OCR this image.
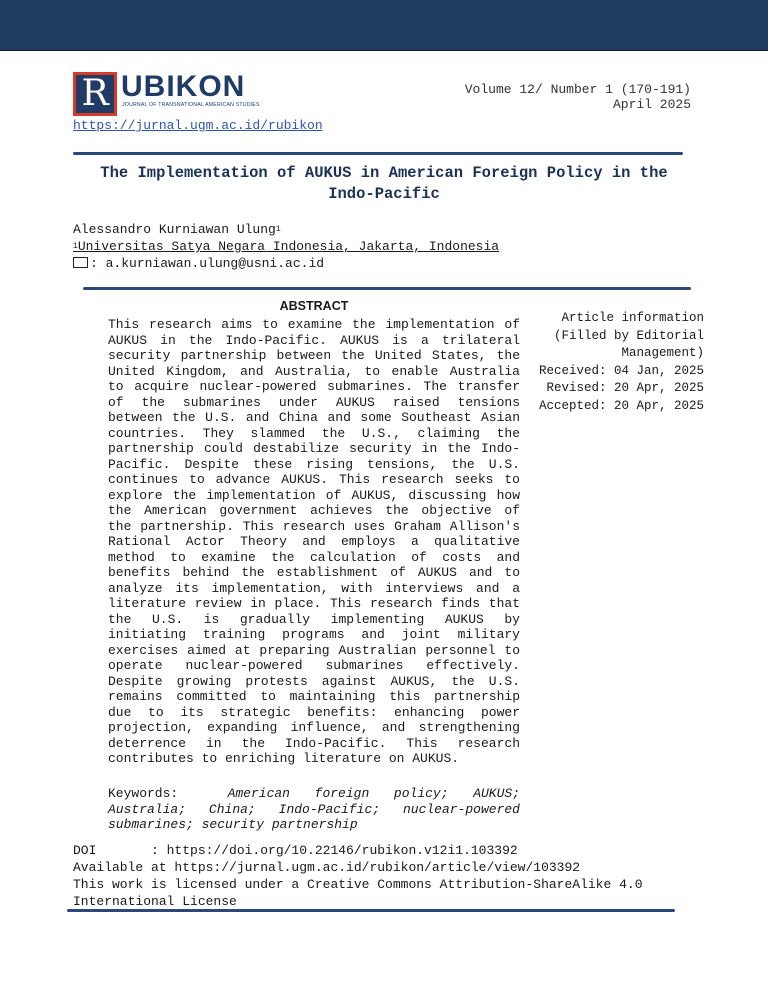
R UBIKON
JOURNAL OF TRANSNATIONAL AMERICAN STUDIES
Volume 12/ Number 1 (170-191)
April 2025
https://jurnal.ugm.ac.id/rubikon
The Implementation of AUKUS in American Foreign Policy in the Indo-Pacific
Alessandro Kurniawan Ulung$^1$
$^1$Universitas Satya Negara Indonesia, Jakarta, Indonesia
: a.kurniawan.ulung@usni.ac.id
ABSTRACT
This research aims to examine the implementation of AUKUS in the Indo-Pacific. AUKUS is a trilateral security partnership between the United States, the United Kingdom, and Australia, to enable Australia to acquire nuclear-powered submarines. The transfer of the submarines under AUKUS raised tensions between the U.S. and China and some Southeast Asian countries. They slammed the U.S., claiming the partnership could destabilize security in the Indo-Pacific. Despite these rising tensions, the U.S. continues to advance AUKUS. This research seeks to explore the implementation of AUKUS, discussing how the American government achieves the objective of the partnership. This research uses Graham Allison's Rational Actor Theory and employs a qualitative method to examine the calculation of costs and benefits behind the establishment of AUKUS and to analyze its implementation, with interviews and a literature review in place. This research finds that the U.S. is gradually implementing AUKUS by initiating training programs and joint military exercises aimed at preparing Australian personnel to operate nuclear-powered submarines effectively. Despite growing protests against AUKUS, the U.S. remains committed to maintaining this partnership due to its strategic benefits: enhancing power projection, expanding influence, and strengthening deterrence in the Indo-Pacific. This research contributes to enriching literature on AUKUS.
Keywords:	American foreign policy; AUKUS; Australia; China; Indo-Pacific; nuclear-powered submarines; security partnership
Article information
(Filled by Editorial Management)
Received: 04 Jan, 2025
Revised: 20 Apr, 2025
Accepted: 20 Apr, 2025
DOI       : https://doi.org/10.22146/rubikon.v12i1.103392
Available at https://jurnal.ugm.ac.id/rubikon/article/view/103392
This work is licensed under a Creative Commons Attribution-ShareAlike 4.0 International License
